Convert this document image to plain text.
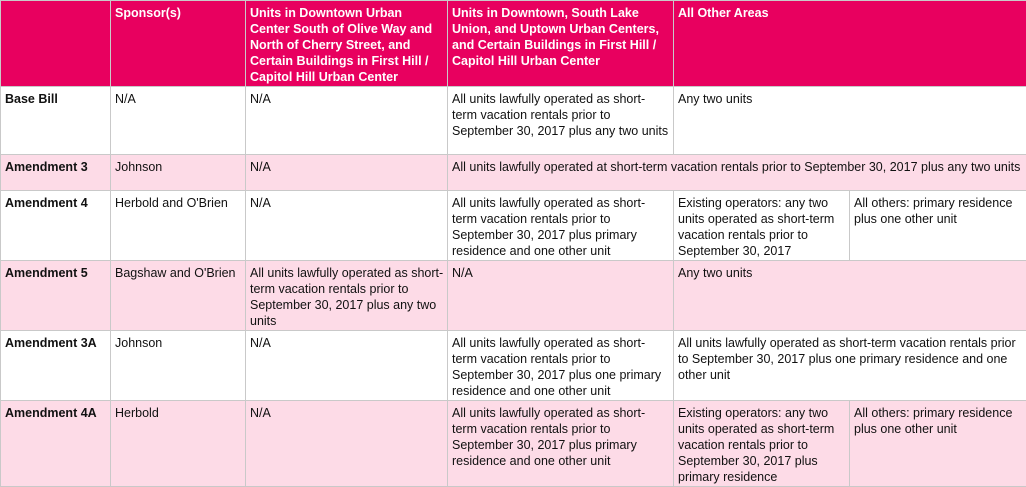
	Sponsor(s)	Units in Downtown Urban Center South of Olive Way and North of Cherry Street, and Certain Buildings in First Hill / Capitol Hill Urban Center	Units in Downtown, South Lake Union, and Uptown Urban Centers, and Certain Buildings in First Hill / Capitol Hill Urban Center	All Other Areas	
Base Bill	N/A	N/A	All units lawfully operated as short-term vacation rentals prior to September 30, 2017 plus any two units	Any two units	
Amendment 3	Johnson	N/A	All units lawfully operated at short-term vacation rentals prior to September 30, 2017 plus any two units		
Amendment 4	Herbold and O'Brien	N/A	All units lawfully operated as short-term vacation rentals prior to September 30, 2017 plus primary residence and one other unit	Existing operators: any two units operated as short-term vacation rentals prior to September 30, 2017	All others: primary residence plus one other unit
Amendment 5	Bagshaw and O'Brien	All units lawfully operated as short-term vacation rentals prior to September 30, 2017 plus any two units	N/A	Any two units	
Amendment 3A	Johnson	N/A	All units lawfully operated as short-term vacation rentals prior to September 30, 2017 plus one primary residence and one other unit	All units lawfully operated as short-term vacation rentals prior to September 30, 2017 plus one primary residence and one other unit	
Amendment 4A	Herbold	N/A	All units lawfully operated as short-term vacation rentals prior to September 30, 2017 plus primary residence and one other unit	Existing operators: any two units operated as short-term vacation rentals prior to September 30, 2017 plus primary residence	All others: primary residence plus one other unit
